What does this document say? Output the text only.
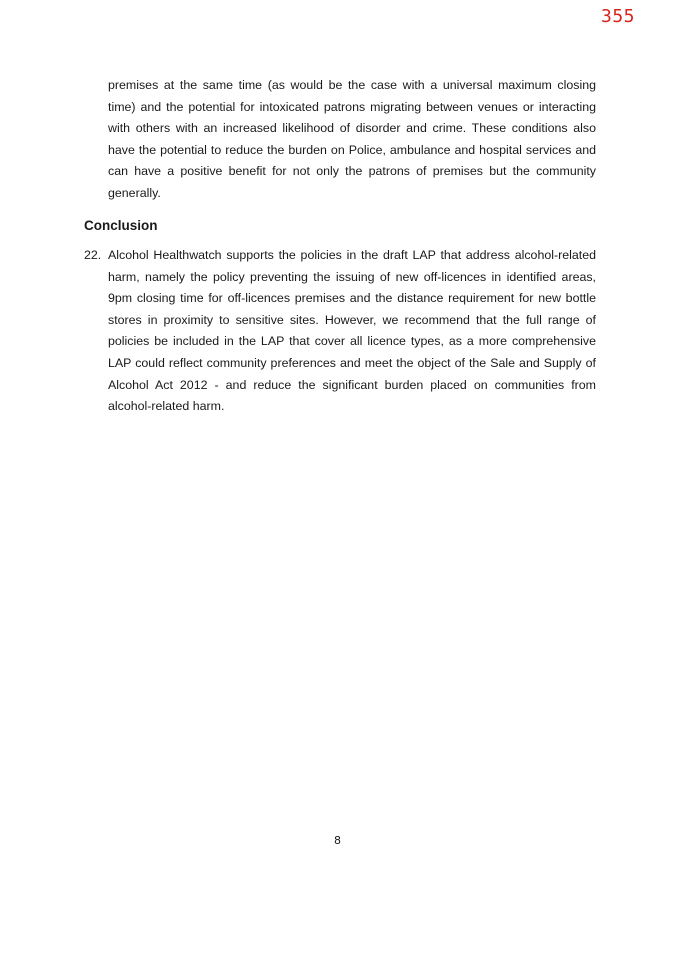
355
premises at the same time (as would be the case with a universal maximum closing time) and the potential for intoxicated patrons migrating between venues or interacting with others with an increased likelihood of disorder and crime. These conditions also have the potential to reduce the burden on Police, ambulance and hospital services and can have a positive benefit for not only the patrons of premises but the community generally.
Conclusion
22. Alcohol Healthwatch supports the policies in the draft LAP that address alcohol-related harm, namely the policy preventing the issuing of new off-licences in identified areas, 9pm closing time for off-licences premises and the distance requirement for new bottle stores in proximity to sensitive sites. However, we recommend that the full range of policies be included in the LAP that cover all licence types, as a more comprehensive LAP could reflect community preferences and meet the object of the Sale and Supply of Alcohol Act 2012 - and reduce the significant burden placed on communities from alcohol-related harm.
8
